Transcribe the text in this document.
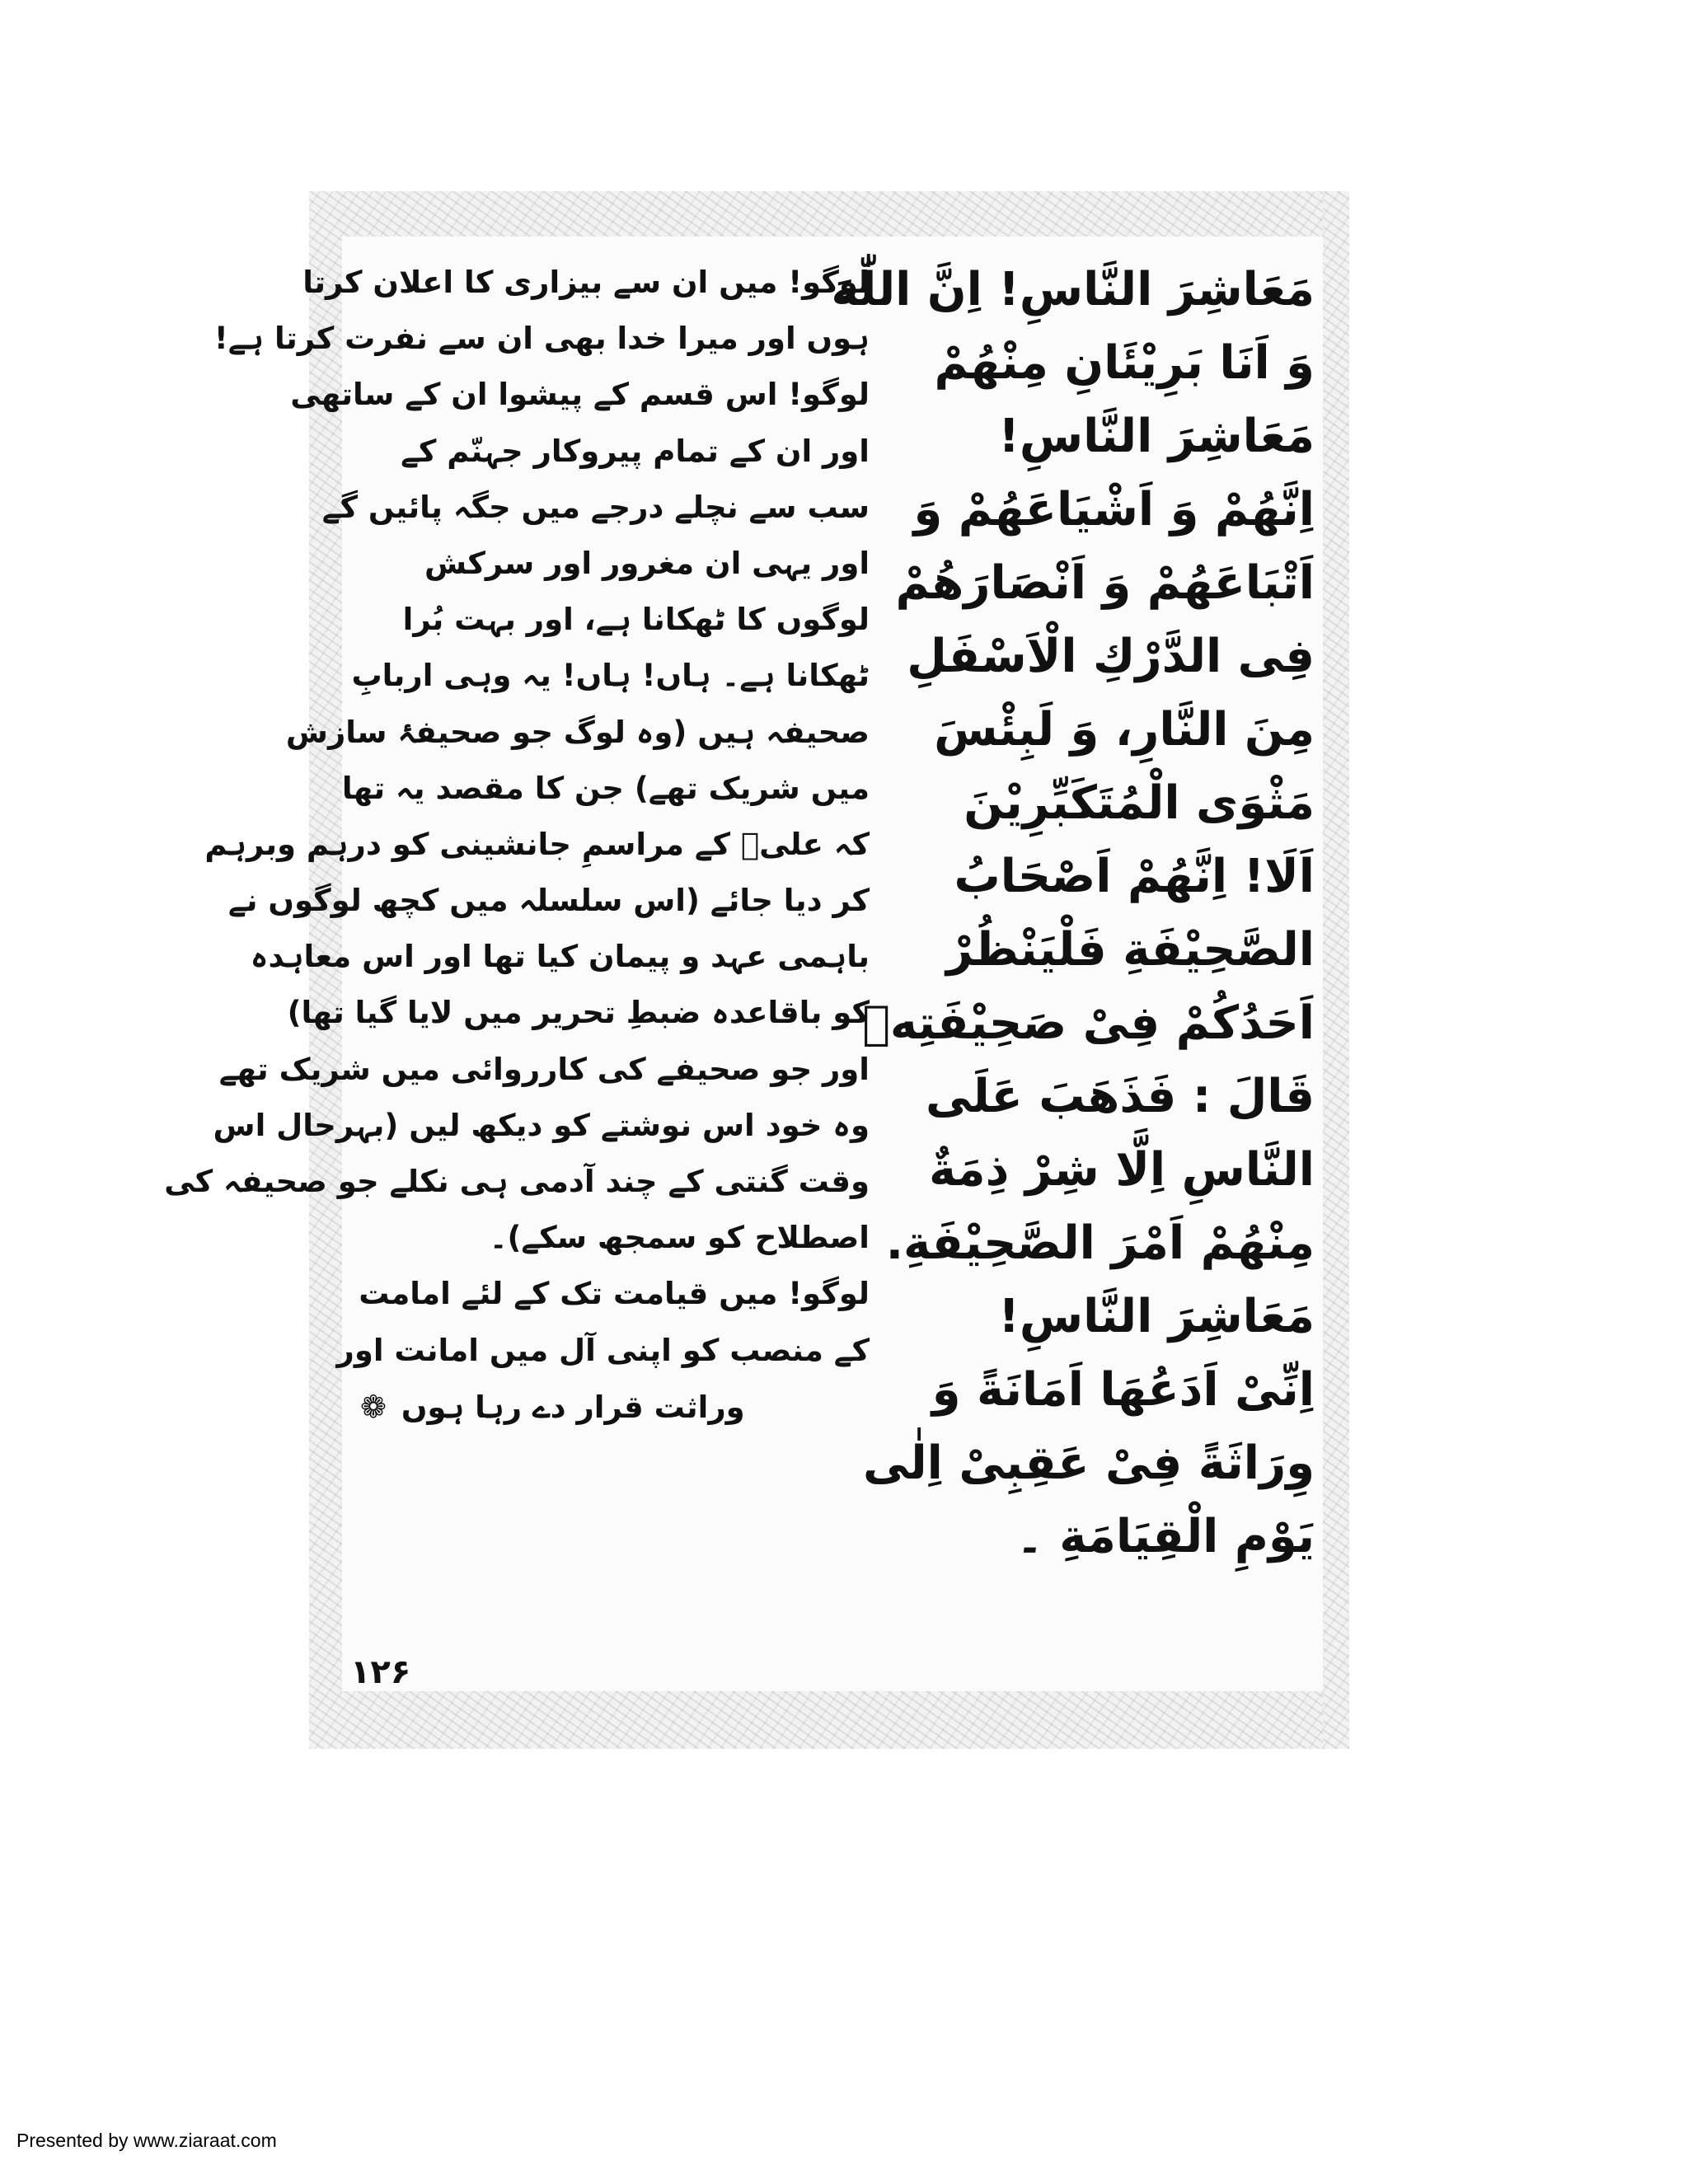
لوگو! میں ان سے بیزاری کا اعلان کرتا
ہوں اور میرا خدا بھی ان سے نفرت کرتا ہے!
لوگو! اس قسم کے پیشوا ان کے ساتھی
اور ان کے تمام پیروکار جہنّم کے
سب سے نچلے درجے میں جگہ پائیں گے
اور یہی ان مغرور اور سرکش
لوگوں کا ٹھکانا ہے، اور بہت بُرا
ٹھکانا ہے۔ ہاں! ہاں! یہ وہی اربابِ
صحیفہ ہیں (وہ لوگ جو صحیفۂ سازش
میں شریک تھے) جن کا مقصد یہ تھا
کہ علیؑ کے مراسمِ جانشینی کو درہم وبرہم
کر دیا جائے (اس سلسلہ میں کچھ لوگوں نے
باہمی عہد و پیمان کیا تھا اور اس معاہدہ
کو باقاعدہ ضبطِ تحریر میں لایا گیا تھا)
اور جو صحیفے کی کارروائی میں شریک تھے
وہ خود اس نوشتے کو دیکھ لیں (بہرحال اس
وقت گنتی کے چند آدمی ہی نکلے جو صحیفہ کی
اصطلاح کو سمجھ سکے)۔
لوگو! میں قیامت تک کے لئے امامت
کے منصب کو اپنی آل میں امانت اور
وراثت قرار دے رہا ہوں❁
۱۲۶
مَعَاشِرَ النَّاسِ! اِنَّ اللّٰهَ
وَ اَنَا بَرِیْئَانِ مِنْهُمْ
مَعَاشِرَ النَّاسِ!
اِنَّهُمْ وَ اَشْیَاعَهُمْ وَ
اَتْبَاعَهُمْ وَ اَنْصَارَهُمْ
فِی الدَّرْكِ الْاَسْفَلِ
مِنَ النَّارِ، وَ لَبِئْسَ
مَثْوَى الْمُتَكَبِّرِیْنَ
اَلَا! اِنَّهُمْ اَصْحَابُ
الصَّحِیْفَةِ فَلْیَنْظُرْ
اَحَدُكُمْ فِیْ صَحِیْفَتِهٖ
قَالَ : فَذَهَبَ عَلَى
النَّاسِ اِلَّا شِرْ ذِمَةٌ
مِنْهُمْ اَمْرَ الصَّحِیْفَةِ.
مَعَاشِرَ النَّاسِ!
اِنِّیْ اَدَعُهَا اَمَانَةً وَ
وِرَاثَةً فِیْ عَقِبِیْ اِلٰى
یَوْمِ الْقِیَامَةِ ۔
Presented by www.ziaraat.com
